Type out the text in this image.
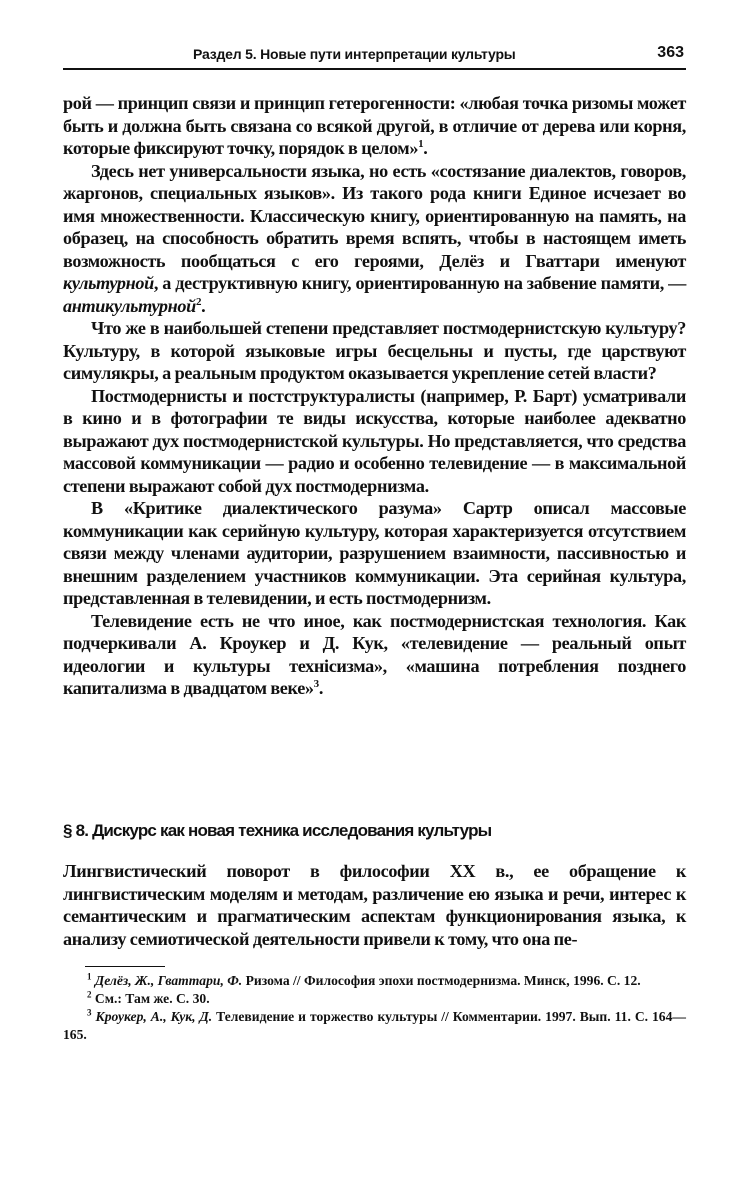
Раздел 5. Новые пути интерпретации культуры	363

рой — принцип связи и принцип гетерогенности: «любая точка ризомы может быть и должна быть связана со всякой другой, в отличие от дерева или корня, которые фиксируют точку, порядок в целом»$^1$.

Здесь нет универсальности языка, но есть «состязание диалектов, говоров, жаргонов, специальных языков». Из такого рода книги Единое исчезает во имя множественности. Классическую книгу, ориентированную на память, на образец, на способность обратить время вспять, чтобы в настоящем иметь возможность пообщаться с его героями, Делёз и Гваттари именуют культурной, а деструктивную книгу, ориентированную на забвение памяти, — антикультурной$^2$.

Что же в наибольшей степени представляет постмодернистскую культуру? Культуру, в которой языковые игры бесцельны и пусты, где царствуют симулякры, а реальным продуктом оказывается укрепление сетей власти?

Постмодернисты и постструктуралисты (например, Р. Барт) усматривали в кино и в фотографии те виды искусства, которые наиболее адекватно выражают дух постмодернистской культуры. Но представляется, что средства массовой коммуникации — радио и особенно телевидение — в максимальной степени выражают собой дух постмодернизма.

В «Критике диалектического разума» Сартр описал массовые коммуникации как серийную культуру, которая характеризуется отсутствием связи между членами аудитории, разрушением взаимности, пассивностью и внешним разделением участников коммуникации. Эта серийная культура, представленная в телевидении, и есть постмодернизм.

Телевидение есть не что иное, как постмодернистская технология. Как подчеркивали А. Кроукер и Д. Кук, «телевидение — реальный опыт идеологии и культуры технicизма», «машина потребления позднего капитализма в двадцатом веке»$^3$.

§ 8. Дискурс как новая техника исследования культуры

Лингвистический поворот в философии XX в., ее обращение к лингвистическим моделям и методам, различение ею языка и речи, интерес к семантическим и прагматическим аспектам функционирования языка, к анализу семиотической деятельности привели к тому, что она пе-

$^1$ Делёз, Ж., Гваттари, Ф. Ризома // Философия эпохи постмодернизма. Минск, 1996. С. 12.

$^2$ См.: Там же. С. 30.

$^3$ Кроукер, А., Кук, Д. Телевидение и торжество культуры // Комментарии. 1997. Вып. 11. С. 164—165.
